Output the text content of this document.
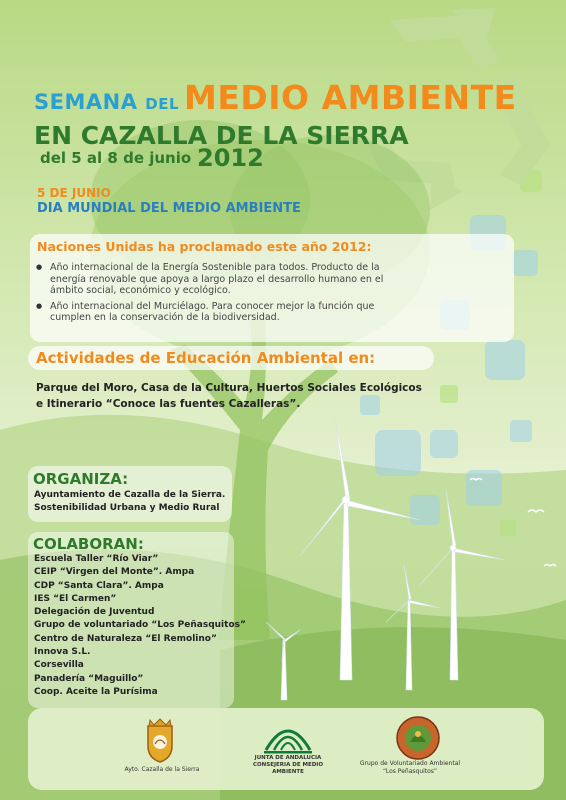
SEMANA DEL MEDIO AMBIENTE
EN CAZALLA DE LA SIERRA
del 5 al 8 de junio 2012
5 DE JUNIO
DIA MUNDIAL DEL MEDIO AMBIENTE
Naciones Unidas ha proclamado este año 2012:
● Año internacional de la Energía Sostenible para todos. Producto de la energía renovable que apoya a largo plazo el desarrollo humano en el ámbito social, económico y ecológico.
● Año internacional del Murciélago. Para conocer mejor la función que cumplen en la conservación de la biodiversidad.
Actividades de Educación Ambiental en:
Parque del Moro, Casa de la Cultura, Huertos Sociales Ecológicos
e Itinerario “Conoce las fuentes Cazalleras”.
ORGANIZA:
Ayuntamiento de Cazalla de la Sierra.
Sostenibilidad Urbana y Medio Rural
COLABORAN:
Escuela Taller “Río Viar”
CEIP “Virgen del Monte”. Ampa
CDP “Santa Clara”. Ampa
IES “El Carmen”
Delegación de Juventud
Grupo de voluntariado “Los Peñasquitos”
Centro de Naturaleza “El Remolino”
Innova S.L.
Corsevilla
Panadería “Maguillo”
Coop. Aceite la Purísima
Ayto. Cazalla de la Sierra
JUNTA DE ANDALUCIA
CONSEJERIA DE MEDIO AMBIENTE
Grupo de Voluntariado Ambiental
“Los Peñasquitos”
